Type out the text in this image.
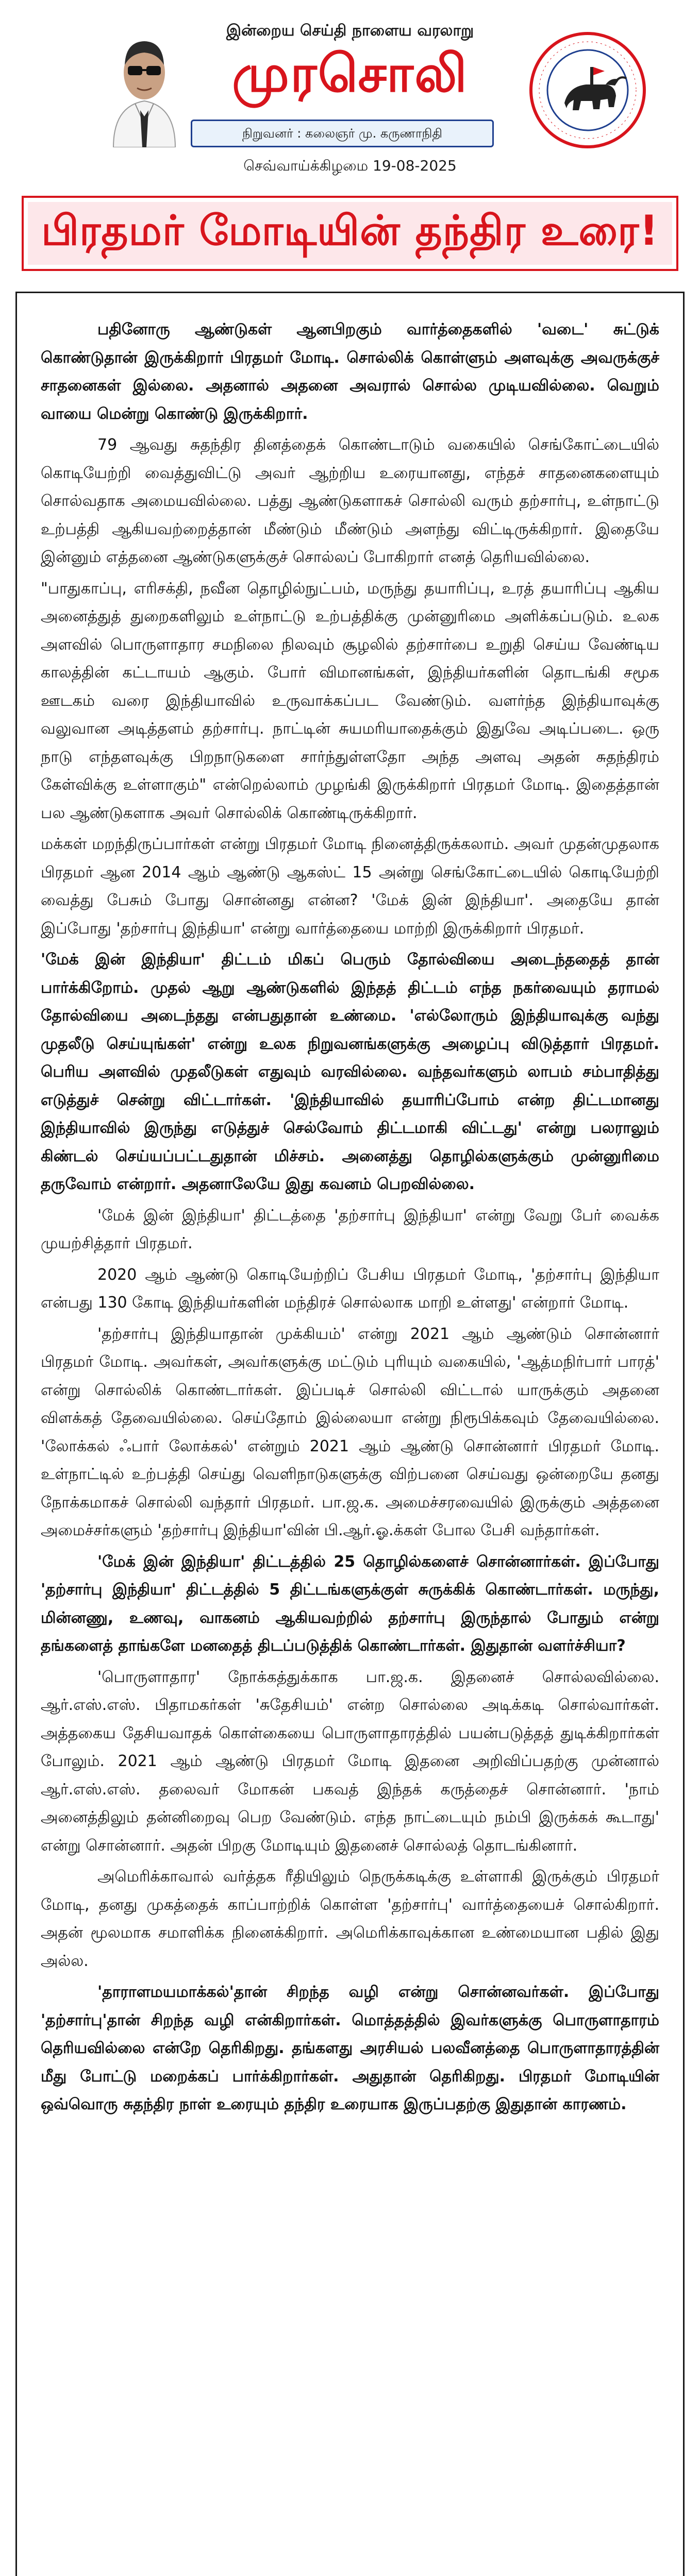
இன்றைய செய்தி நாளைய வரலாறு
முரசொலி
நிறுவனர் : கலைஞர் மு. கருணாநிதி
செவ்வாய்க்கிழமை 19-08-2025
பிரதமர் மோடியின் தந்திர உரை!

பதினோரு ஆண்டுகள் ஆனபிறகும் வார்த்தைகளில் 'வடை' சுட்டுக் கொண்டுதான் இருக்கிறார் பிரதமர் மோடி. சொல்லிக் கொள்ளும் அளவுக்கு அவருக்குச் சாதனைகள் இல்லை. அதனால் அதனை அவரால் சொல்ல முடியவில்லை. வெறும் வாயை மென்று கொண்டு இருக்கிறார்.

79 ஆவது சுதந்திர தினத்தைக் கொண்டாடும் வகையில் செங்கோட்டையில் கொடியேற்றி வைத்துவிட்டு அவர் ஆற்றிய உரையானது, எந்தச் சாதனைகளையும் சொல்வதாக அமையவில்லை. பத்து ஆண்டுகளாகச் சொல்லி வரும் தற்சார்பு, உள்நாட்டு உற்பத்தி ஆகியவற்றைத்தான் மீண்டும் மீண்டும் அளந்து விட்டிருக்கிறார். இதையே இன்னும் எத்தனை ஆண்டுகளுக்குச் சொல்லப் போகிறார் எனத் தெரியவில்லை.

"பாதுகாப்பு, எரிசக்தி, நவீன தொழில்நுட்பம், மருந்து தயாரிப்பு, உரத் தயாரிப்பு ஆகிய அனைத்துத் துறைகளிலும் உள்நாட்டு உற்பத்திக்கு முன்னுரிமை அளிக்கப்படும். உலக அளவில் பொருளாதார சமநிலை நிலவும் சூழலில் தற்சார்பை உறுதி செய்ய வேண்டிய காலத்தின் கட்டாயம் ஆகும். போர் விமானங்கள், இந்தியர்களின் தொடங்கி சமூக ஊடகம் வரை இந்தியாவில் உருவாக்கப்பட வேண்டும். வளர்ந்த இந்தியாவுக்கு வலுவான அடித்தளம் தற்சார்பு. நாட்டின் சுயமரியாதைக்கும் இதுவே அடிப்படை. ஒரு நாடு எந்தளவுக்கு பிறநாடுகளை சார்ந்துள்ளதோ அந்த அளவு அதன் சுதந்திரம் கேள்விக்கு உள்ளாகும்" என்றெல்லாம் முழங்கி இருக்கிறார் பிரதமர் மோடி. இதைத்தான் பல ஆண்டுகளாக அவர் சொல்லிக் கொண்டிருக்கிறார்.

மக்கள் மறந்திருப்பார்கள் என்று பிரதமர் மோடி நினைத்திருக்கலாம். அவர் முதன்முதலாக பிரதமர் ஆன 2014 ஆம் ஆண்டு ஆகஸ்ட் 15 அன்று செங்கோட்டையில் கொடியேற்றி வைத்து பேசும் போது சொன்னது என்ன? 'மேக் இன் இந்தியா'. அதையே தான் இப்போது 'தற்சார்பு இந்தியா' என்று வார்த்தையை மாற்றி இருக்கிறார் பிரதமர்.

'மேக் இன் இந்தியா' திட்டம் மிகப் பெரும் தோல்வியை அடைந்ததைத் தான் பார்க்கிறோம். முதல் ஆறு ஆண்டுகளில் இந்தத் திட்டம் எந்த நகர்வையும் தராமல் தோல்வியை அடைந்தது என்பதுதான் உண்மை. 'எல்லோரும் இந்தியாவுக்கு வந்து முதலீடு செய்யுங்கள்' என்று உலக நிறுவனங்களுக்கு அழைப்பு விடுத்தார் பிரதமர். பெரிய அளவில் முதலீடுகள் எதுவும் வரவில்லை. வந்தவர்களும் லாபம் சம்பாதித்து எடுத்துச் சென்று விட்டார்கள். 'இந்தியாவில் தயாரிப்போம் என்ற திட்டமானது இந்தியாவில் இருந்து எடுத்துச் செல்வோம் திட்டமாகி விட்டது' என்று பலராலும் கிண்டல் செய்யப்பட்டதுதான் மிச்சம். அனைத்து தொழில்களுக்கும் முன்னுரிமை தருவோம் என்றார். அதனாலேயே இது கவனம் பெறவில்லை.

'மேக் இன் இந்தியா' திட்டத்தை 'தற்சார்பு இந்தியா' என்று வேறு பேர் வைக்க முயற்சித்தார் பிரதமர்.

2020 ஆம் ஆண்டு கொடியேற்றிப் பேசிய பிரதமர் மோடி, 'தற்சார்பு இந்தியா என்பது 130 கோடி இந்தியர்களின் மந்திரச் சொல்லாக மாறி உள்ளது' என்றார் மோடி.

'தற்சார்பு இந்தியாதான் முக்கியம்' என்று 2021 ஆம் ஆண்டும் சொன்னார் பிரதமர் மோடி. அவர்கள், அவர்களுக்கு மட்டும் புரியும் வகையில், 'ஆத்மநிர்பார் பாரத்' என்று சொல்லிக் கொண்டார்கள். இப்படிச் சொல்லி விட்டால் யாருக்கும் அதனை விளக்கத் தேவையில்லை. செய்தோம் இல்லையா என்று நிரூபிக்கவும் தேவையில்லை. 'லோக்கல் ஃபார் லோக்கல்' என்றும் 2021 ஆம் ஆண்டு சொன்னார் பிரதமர் மோடி. உள்நாட்டில் உற்பத்தி செய்து வெளிநாடுகளுக்கு விற்பனை செய்வது ஒன்றையே தனது நோக்கமாகச் சொல்லி வந்தார் பிரதமர். பா.ஜ.க. அமைச்சரவையில் இருக்கும் அத்தனை அமைச்சர்களும் 'தற்சார்பு இந்தியா'வின் பி.ஆர்.ஓ.க்கள் போல பேசி வந்தார்கள்.

'மேக் இன் இந்தியா' திட்டத்தில் 25 தொழில்களைச் சொன்னார்கள். இப்போது 'தற்சார்பு இந்தியா' திட்டத்தில் 5 திட்டங்களுக்குள் சுருக்கிக் கொண்டார்கள். மருந்து, மின்னணு, உணவு, வாகனம் ஆகியவற்றில் தற்சார்பு இருந்தால் போதும் என்று தங்களைத் தாங்களே மனதைத் திடப்படுத்திக் கொண்டார்கள். இதுதான் வளர்ச்சியா?

'பொருளாதார' நோக்கத்துக்காக பா.ஜ.க. இதனைச் சொல்லவில்லை. ஆர்.எஸ்.எஸ். பிதாமகர்கள் 'சுதேசியம்' என்ற சொல்லை அடிக்கடி சொல்வார்கள். அத்தகைய தேசியவாதக் கொள்கையை பொருளாதாரத்தில் பயன்படுத்தத் துடிக்கிறார்கள் போலும். 2021 ஆம் ஆண்டு பிரதமர் மோடி இதனை அறிவிப்பதற்கு முன்னால் ஆர்.எஸ்.எஸ். தலைவர் மோகன் பகவத் இந்தக் கருத்தைச் சொன்னார். 'நாம் அனைத்திலும் தன்னிறைவு பெற வேண்டும். எந்த நாட்டையும் நம்பி இருக்கக் கூடாது' என்று சொன்னார். அதன் பிறகு மோடியும் இதனைச் சொல்லத் தொடங்கினார்.

அமெரிக்காவால் வர்த்தக ரீதியிலும் நெருக்கடிக்கு உள்ளாகி இருக்கும் பிரதமர் மோடி, தனது முகத்தைக் காப்பாற்றிக் கொள்ள 'தற்சார்பு' வார்த்தையைச் சொல்கிறார். அதன் மூலமாக சமாளிக்க நினைக்கிறார். அமெரிக்காவுக்கான உண்மையான பதில் இது அல்ல.

'தாராளமயமாக்கல்'தான் சிறந்த வழி என்று சொன்னவர்கள். இப்போது 'தற்சார்பு'தான் சிறந்த வழி என்கிறார்கள். மொத்தத்தில் இவர்களுக்கு பொருளாதாரம் தெரியவில்லை என்றே தெரிகிறது. தங்களது அரசியல் பலவீனத்தை பொருளாதாரத்தின் மீது போட்டு மறைக்கப் பார்க்கிறார்கள். அதுதான் தெரிகிறது. பிரதமர் மோடியின் ஒவ்வொரு சுதந்திர நாள் உரையும் தந்திர உரையாக இருப்பதற்கு இதுதான் காரணம்.
